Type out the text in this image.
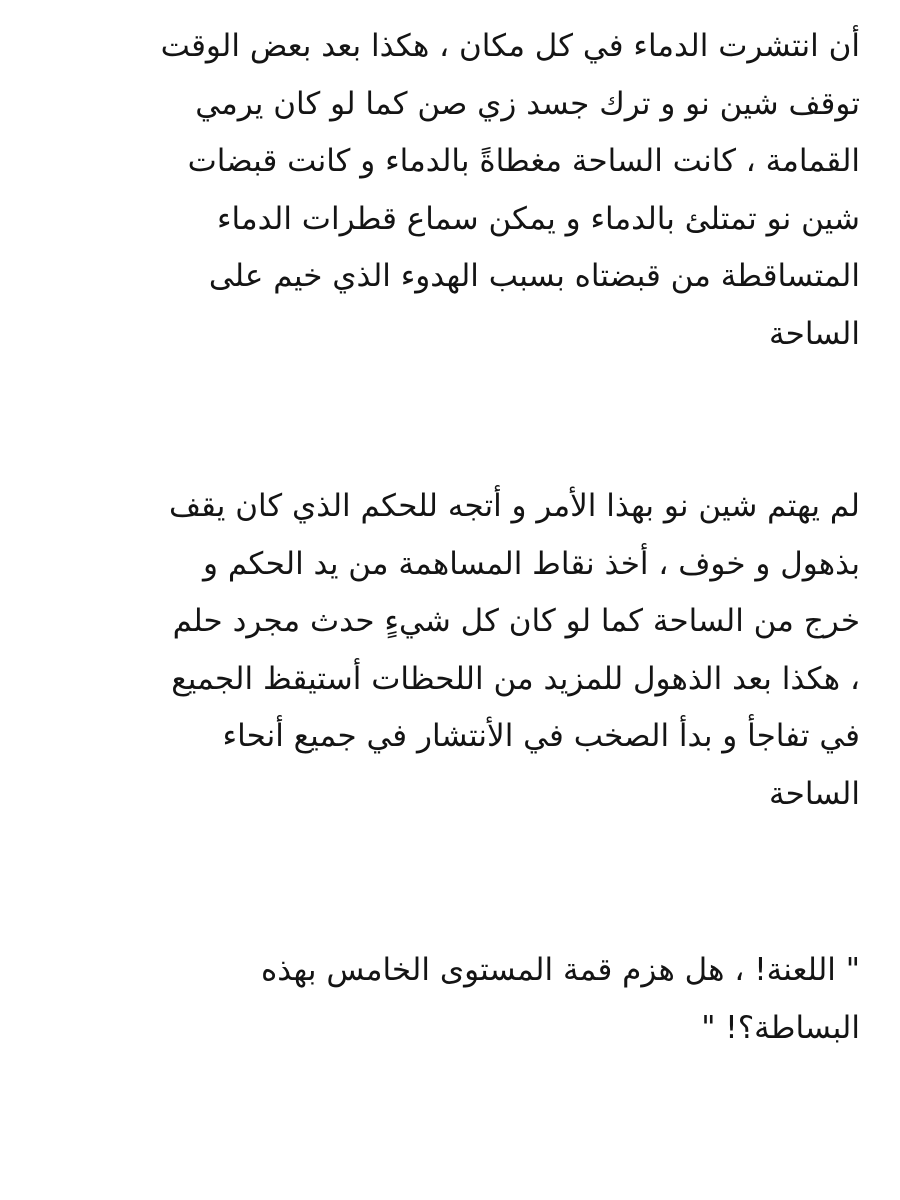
أن انتشرت الدماء في كل مكان ، هكذا بعد بعض الوقت
توقف شين نو و ترك جسد زي صن كما لو كان يرمي
القمامة ، كانت الساحة مغطاةً بالدماء و كانت قبضات
شين نو تمتلئ بالدماء و يمكن سماع قطرات الدماء
المتساقطة من قبضتاه بسبب الهدوء الذي خيم على
الساحة

لم يهتم شين نو بهذا الأمر و أتجه للحكم الذي كان يقف
بذهول و خوف ، أخذ نقاط المساهمة من يد الحكم و
خرج من الساحة كما لو كان كل شيءٍ حدث مجرد حلم
، هكذا بعد الذهول للمزيد من اللحظات أستيقظ الجميع
في تفاجأ و بدأ الصخب في الأنتشار في جميع أنحاء
الساحة

" اللعنة! ، هل هزم قمة المستوى الخامس بهذه
البساطة؟! "
